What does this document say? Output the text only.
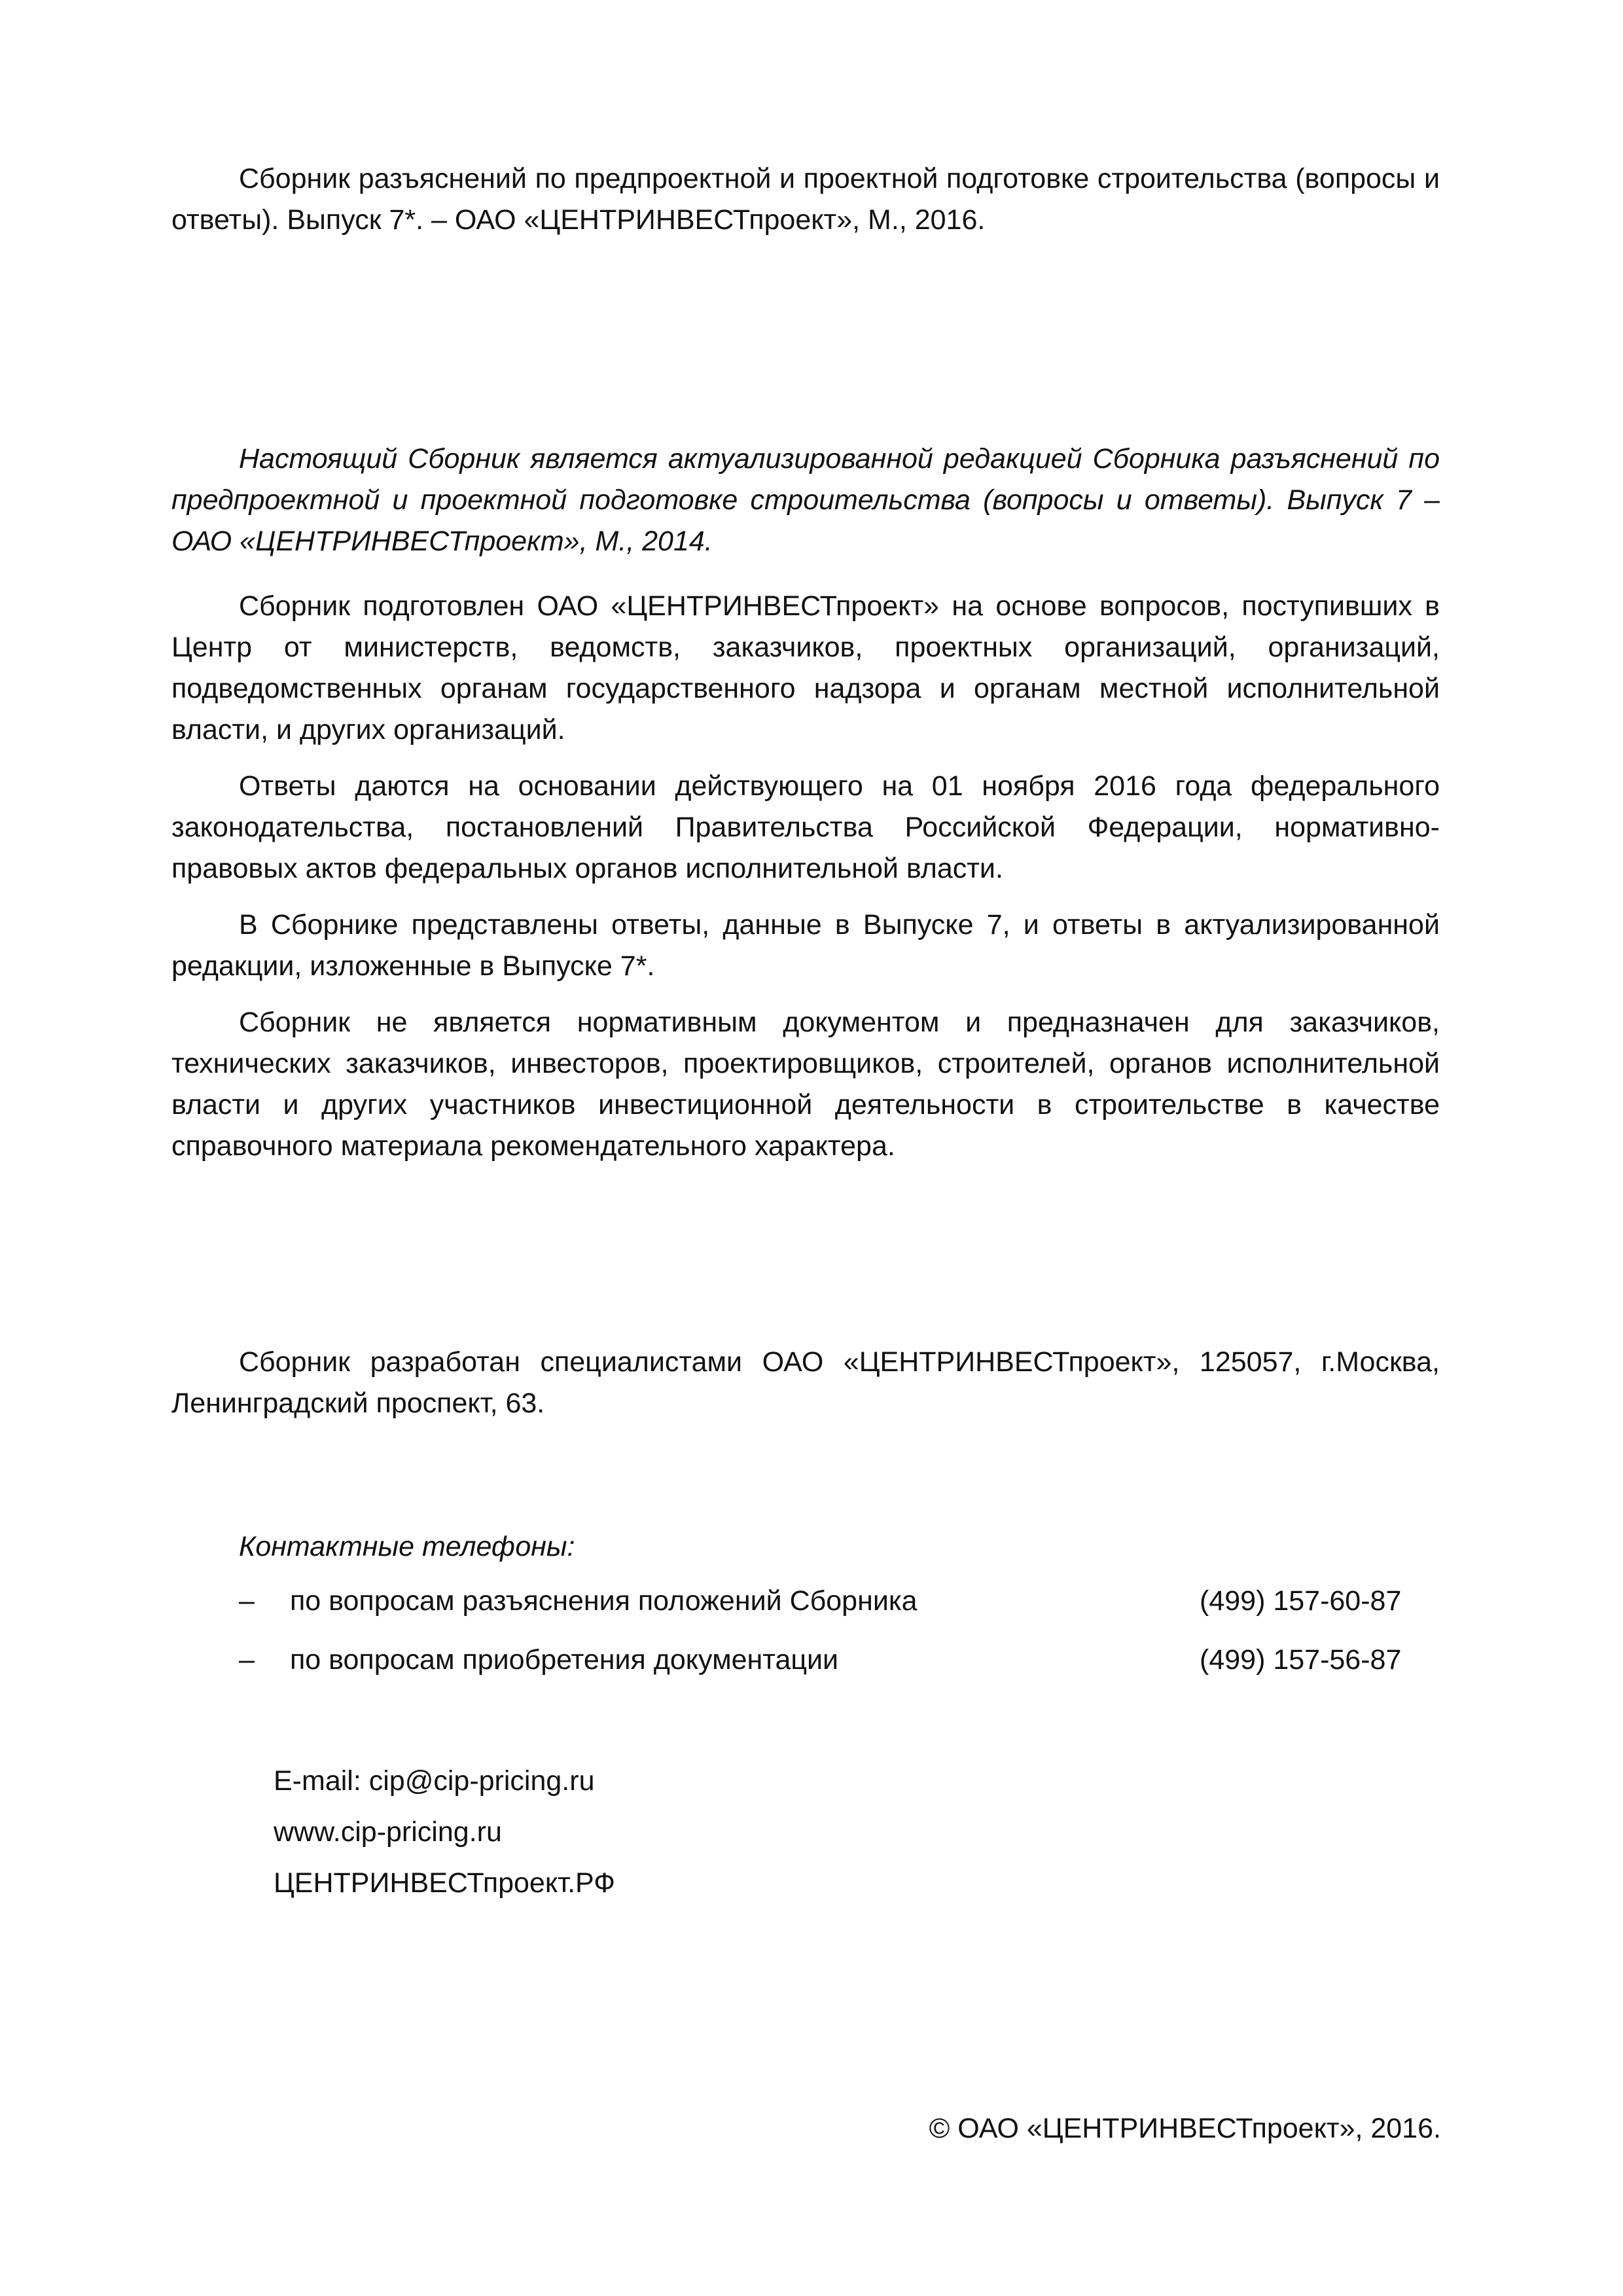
Сборник разъяснений по предпроектной и проектной подготовке строительства (вопросы и ответы). Выпуск 7*. – ОАО «ЦЕНТРИНВЕСТпроект», М., 2016.

Настоящий Сборник является актуализированной редакцией Сборника разъяснений по предпроектной и проектной подготовке строительства (вопросы и ответы). Выпуск 7 – ОАО «ЦЕНТРИНВЕСТпроект», М., 2014.

Сборник подготовлен ОАО «ЦЕНТРИНВЕСТпроект» на основе вопросов, поступивших в Центр от министерств, ведомств, заказчиков, проектных организаций, организаций, подведомственных органам государственного надзора и органам местной исполнительной власти, и других организаций.

Ответы даются на основании действующего на 01 ноября 2016 года федерального законодательства, постановлений Правительства Российской Федерации, нормативно-правовых актов федеральных органов исполнительной власти.

В Сборнике представлены ответы, данные в Выпуске 7, и ответы в актуализированной редакции, изложенные в Выпуске 7*.

Сборник не является нормативным документом и предназначен для заказчиков, технических заказчиков, инвесторов, проектировщиков, строителей, органов исполнительной власти и других участников инвестиционной деятельности в строительстве в качестве справочного материала рекомендательного характера.

Сборник разработан специалистами ОАО «ЦЕНТРИНВЕСТпроект», 125057, г.Москва, Ленинградский проспект, 63.

Контактные телефоны:
– по вопросам разъяснения положений Сборника	(499) 157-60-87
– по вопросам приобретения документации	(499) 157-56-87
E-mail: cip@cip-pricing.ru
www.cip-pricing.ru
ЦЕНТРИНВЕСТпроект.РФ
© ОАО «ЦЕНТРИНВЕСТпроект», 2016.
